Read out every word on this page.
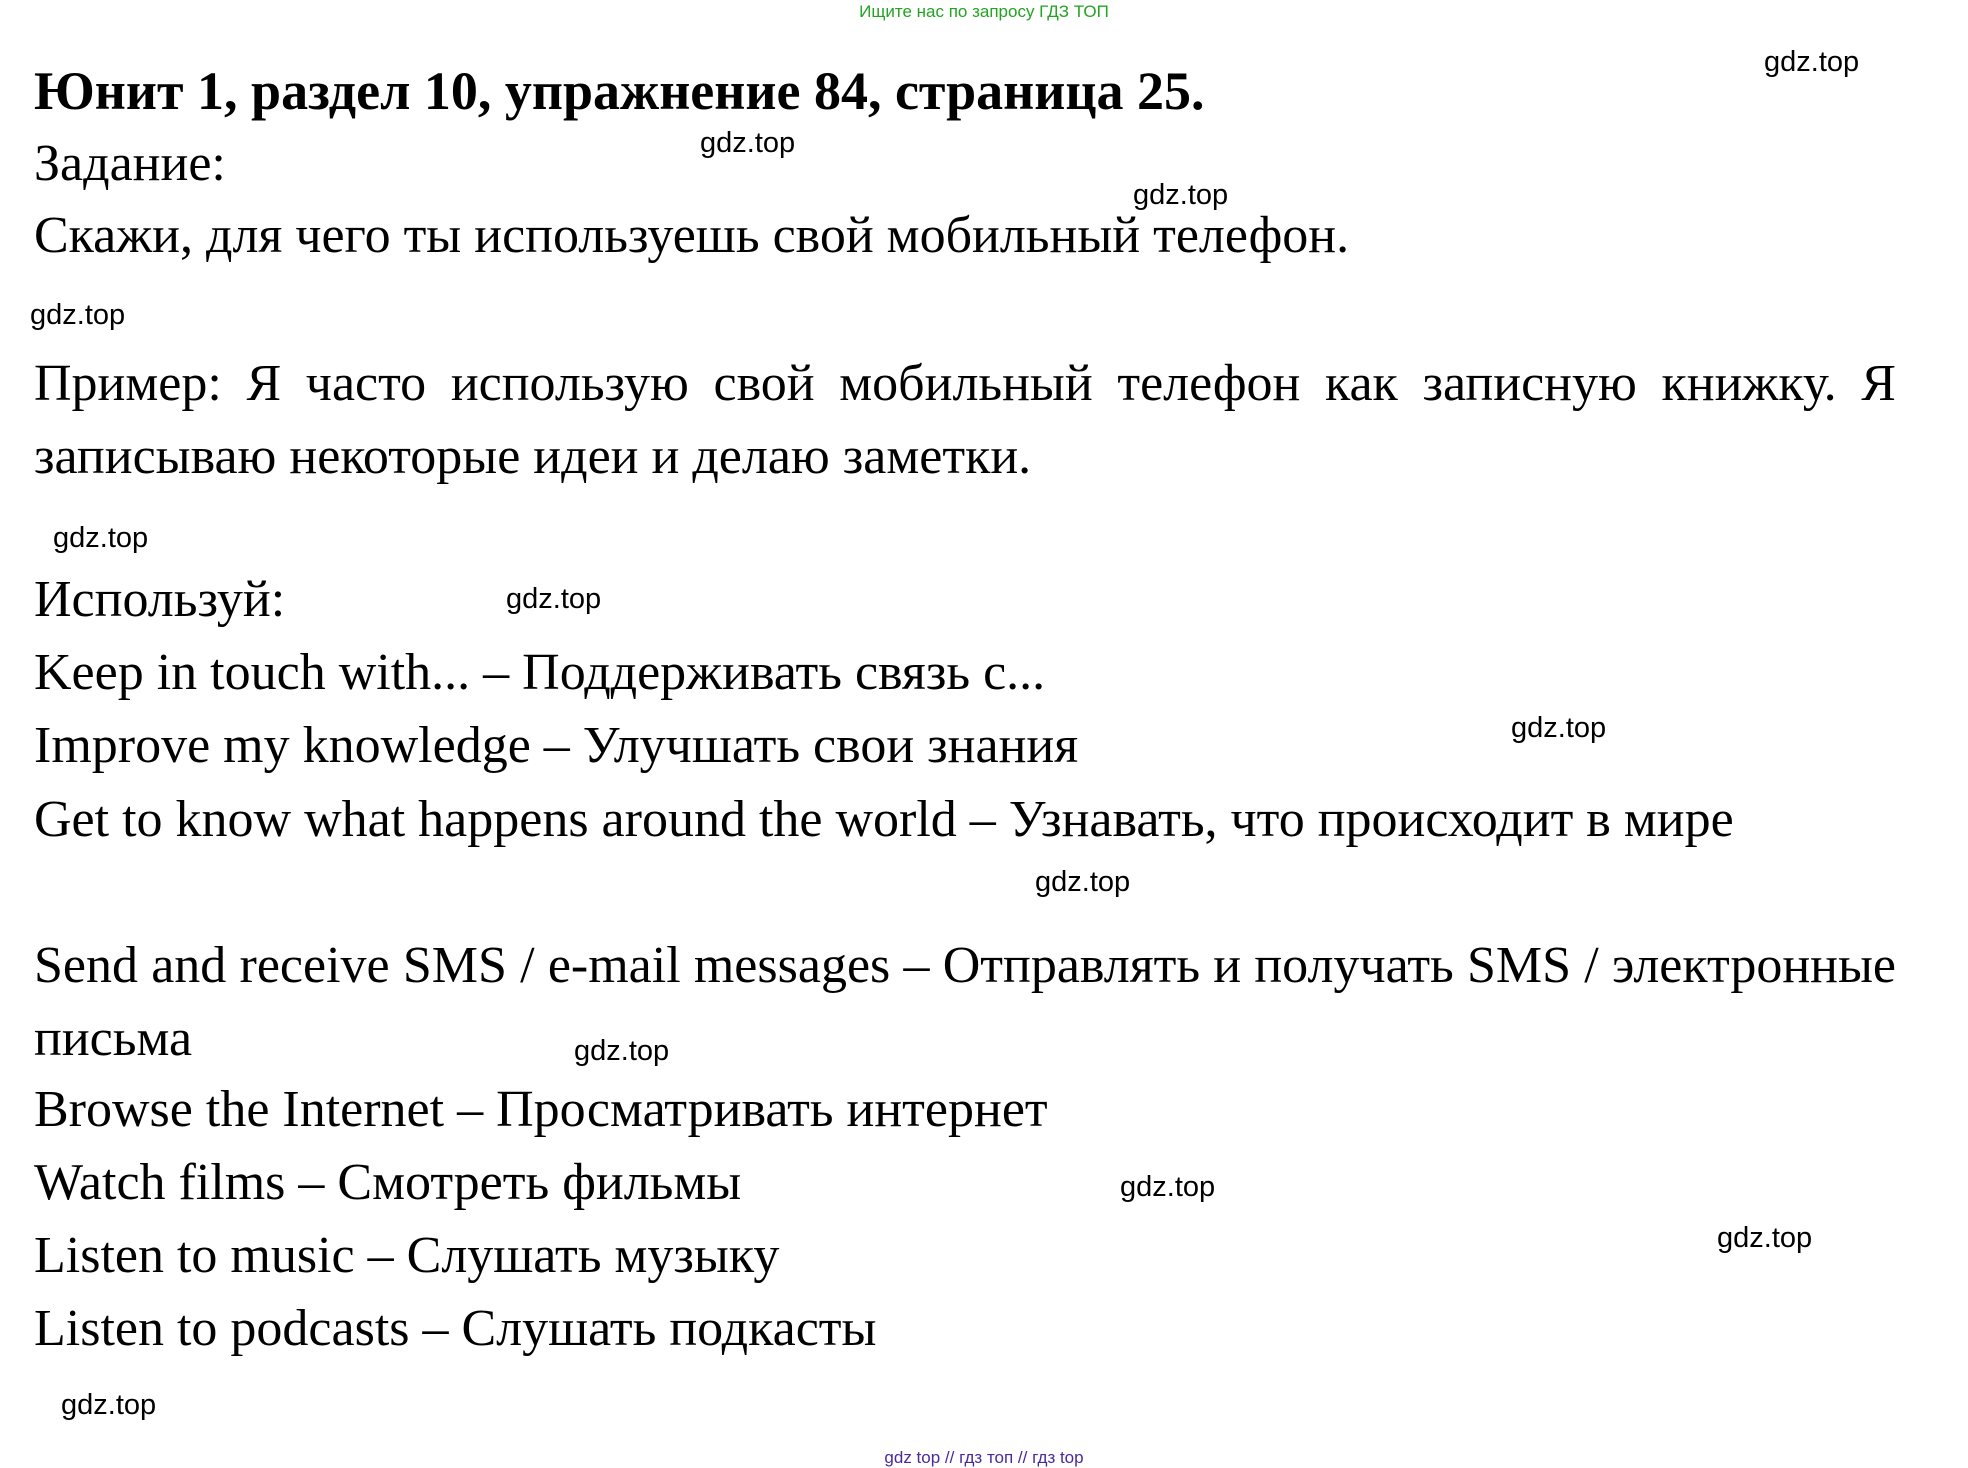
Ищите нас по запросу ГДЗ ТОП
Юнит 1, раздел 10, упражнение 84, страница 25.
Задание:
Скажи, для чего ты используешь свой мобильный телефон.
Пример: Я часто использую свой мобильный телефон как записную книжку. Я записываю некоторые идеи и делаю заметки.
Используй:
Keep in touch with... – Поддерживать связь с...
Improve my knowledge – Улучшать свои знания
Get to know what happens around the world – Узнавать, что происходит в мире
Send and receive SMS / e-mail messages – Отправлять и получать SMS / электронные письма
Browse the Internet – Просматривать интернет
Watch films – Смотреть фильмы
Listen to music – Слушать музыку
Listen to podcasts – Слушать подкасты
gdz.top
gdz.top
gdz.top
gdz.top
gdz.top
gdz.top
gdz.top
gdz.top
gdz.top
gdz.top
gdz.top
gdz.top
gdz top // гдз топ // гдз top
